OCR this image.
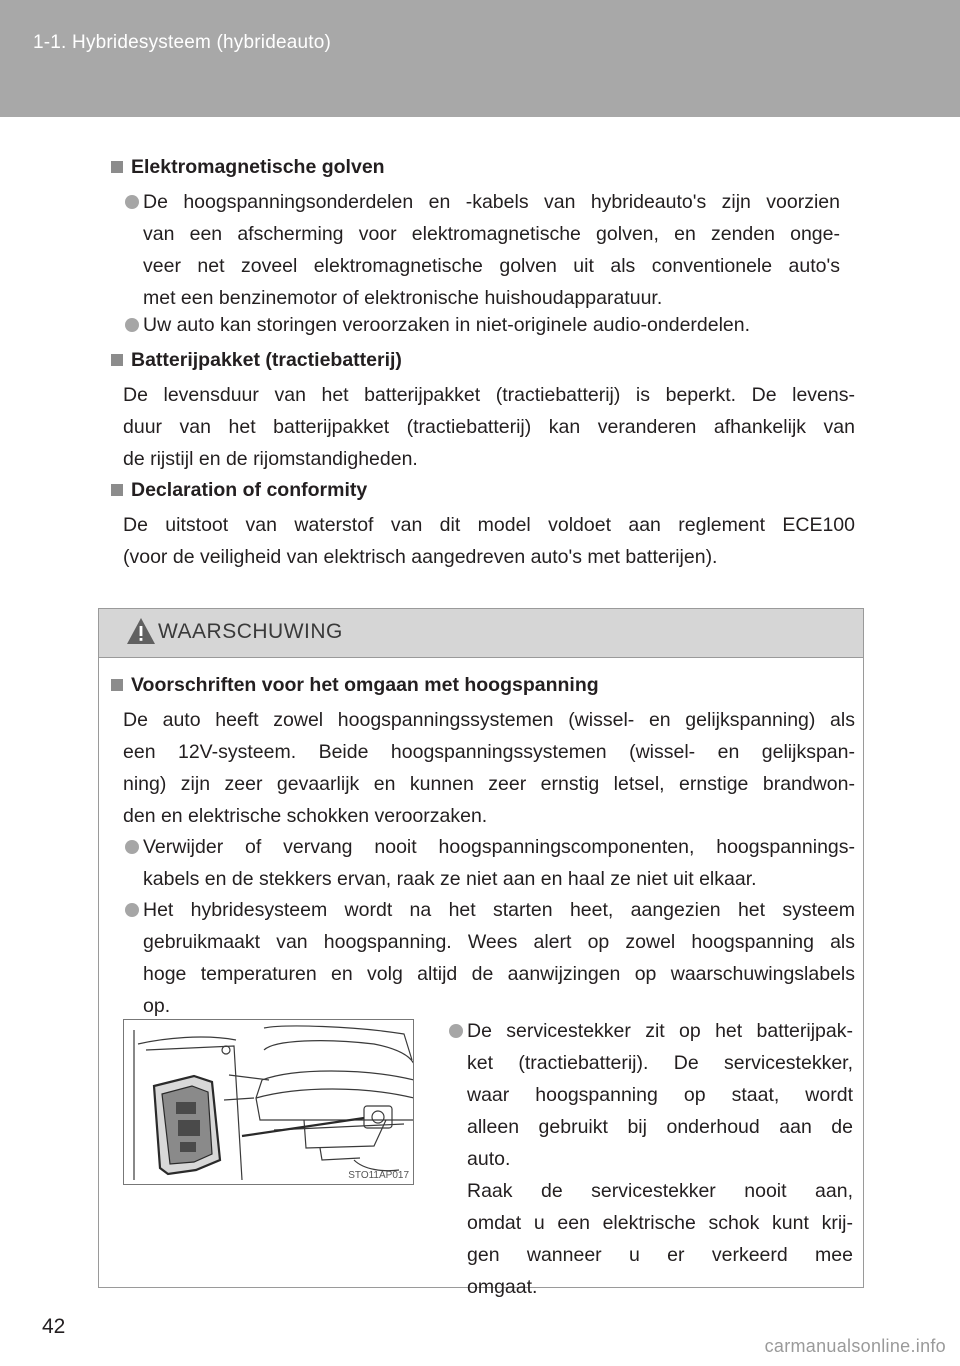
1-1. Hybridesysteem (hybrideauto)
Elektromagnetische golven
De hoogspanningsonderdelen en -kabels van hybrideauto's zijn voorzien
van een afscherming voor elektromagnetische golven, en zenden onge-
veer net zoveel elektromagnetische golven uit als conventionele auto's
met een benzinemotor of elektronische huishoudapparatuur.
Uw auto kan storingen veroorzaken in niet-originele audio-onderdelen.
Batterijpakket (tractiebatterij)
De levensduur van het batterijpakket (tractiebatterij) is beperkt. De levens-
duur van het batterijpakket (tractiebatterij) kan veranderen afhankelijk van
de rijstijl en de rijomstandigheden.
Declaration of conformity
De uitstoot van waterstof van dit model voldoet aan reglement ECE100
(voor de veiligheid van elektrisch aangedreven auto's met batterijen).
WAARSCHUWING
Voorschriften voor het omgaan met hoogspanning
De auto heeft zowel hoogspanningssystemen (wissel- en gelijkspanning) als
een 12V-systeem. Beide hoogspanningssystemen (wissel- en gelijkspan-
ning) zijn zeer gevaarlijk en kunnen zeer ernstig letsel, ernstige brandwon-
den en elektrische schokken veroorzaken.
Verwijder of vervang nooit hoogspanningscomponenten, hoogspannings-
kabels en de stekkers ervan, raak ze niet aan en haal ze niet uit elkaar.
Het hybridesysteem wordt na het starten heet, aangezien het systeem
gebruikmaakt van hoogspanning. Wees alert op zowel hoogspanning als
hoge temperaturen en volg altijd de aanwijzingen op waarschuwingslabels
op.
STO11AP017
De servicestekker zit op het batterijpak-
ket (tractiebatterij). De servicestekker,
waar hoogspanning op staat, wordt
alleen gebruikt bij onderhoud aan de
auto.
Raak de servicestekker nooit aan,
omdat u een elektrische schok kunt krij-
gen wanneer u er verkeerd mee
omgaat.
42
carmanualsonline.info
